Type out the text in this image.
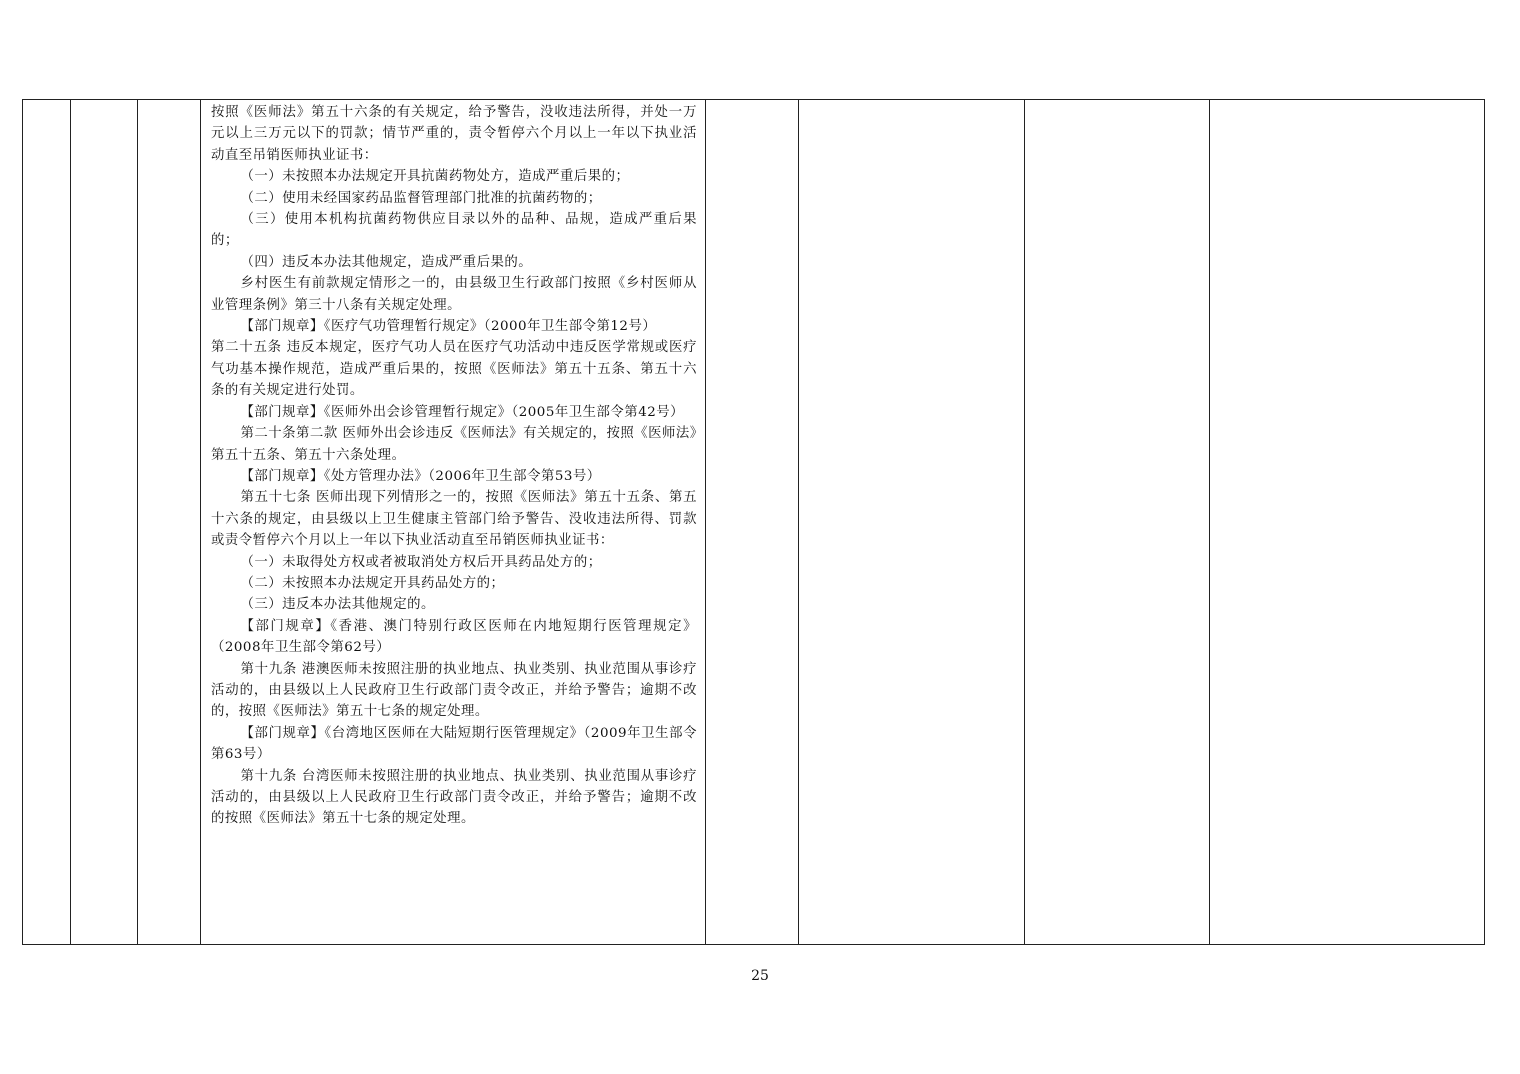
按照《医师法》第五十六条的有关规定，给予警告，没收违法所得，并处一万元以上三万元以下的罚款；情节严重的，责令暂停六个月以上一年以下执业活动直至吊销医师执业证书：

（一）未按照本办法规定开具抗菌药物处方，造成严重后果的；

（二）使用未经国家药品监督管理部门批准的抗菌药物的；

（三）使用本机构抗菌药物供应目录以外的品种、品规，造成严重后果的；

（四）违反本办法其他规定，造成严重后果的。

乡村医生有前款规定情形之一的，由县级卫生行政部门按照《乡村医师从业管理条例》第三十八条有关规定处理。

【部门规章】《医疗气功管理暂行规定》（2000年卫生部令第12号）

第二十五条 违反本规定，医疗气功人员在医疗气功活动中违反医学常规或医疗气功基本操作规范，造成严重后果的，按照《医师法》第五十五条、第五十六条的有关规定进行处罚。

【部门规章】《医师外出会诊管理暂行规定》（2005年卫生部令第42号）

第二十条第二款 医师外出会诊违反《医师法》有关规定的，按照《医师法》第五十五条、第五十六条处理。

【部门规章】《处方管理办法》（2006年卫生部令第53号）

第五十七条 医师出现下列情形之一的，按照《医师法》第五十五条、第五十六条的规定，由县级以上卫生健康主管部门给予警告、没收违法所得、罚款或责令暂停六个月以上一年以下执业活动直至吊销医师执业证书：

（一）未取得处方权或者被取消处方权后开具药品处方的；

（二）未按照本办法规定开具药品处方的；

（三）违反本办法其他规定的。

【部门规章】《香港、澳门特别行政区医师在内地短期行医管理规定》（2008年卫生部令第62号）

第十九条 港澳医师未按照注册的执业地点、执业类别、执业范围从事诊疗活动的，由县级以上人民政府卫生行政部门责令改正，并给予警告；逾期不改的，按照《医师法》第五十七条的规定处理。

【部门规章】《台湾地区医师在大陆短期行医管理规定》（2009年卫生部令第63号）

第十九条 台湾医师未按照注册的执业地点、执业类别、执业范围从事诊疗活动的，由县级以上人民政府卫生行政部门责令改正，并给予警告；逾期不改的按照《医师法》第五十七条的规定处理。

25
